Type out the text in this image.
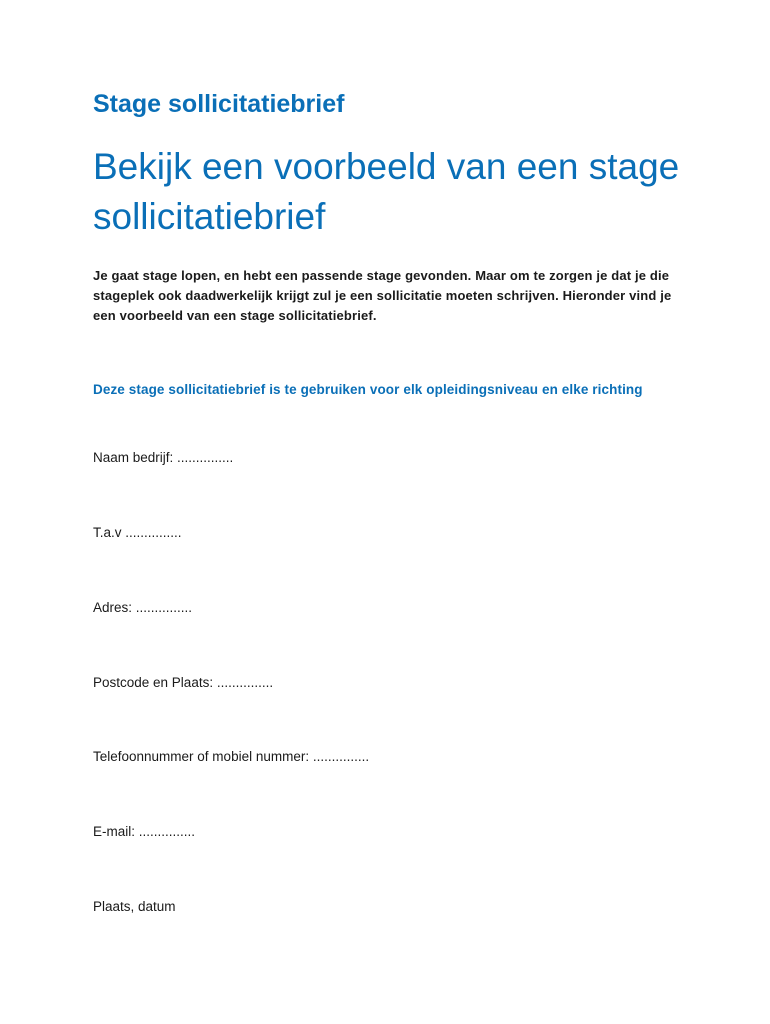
Stage sollicitatiebrief
Bekijk een voorbeeld van een stage sollicitatiebrief

Je gaat stage lopen, en hebt een passende stage gevonden. Maar om te zorgen je dat je die stageplek ook daadwerkelijk krijgt zul je een sollicitatie moeten schrijven. Hieronder vind je een voorbeeld van een stage sollicitatiebrief.

Deze stage sollicitatiebrief is te gebruiken voor elk opleidingsniveau en elke richting

Naam bedrijf: ...............

T.a.v ...............

Adres: ...............

Postcode en Plaats: ...............

Telefoonnummer of mobiel nummer: ...............

E-mail: ...............

Plaats, datum
